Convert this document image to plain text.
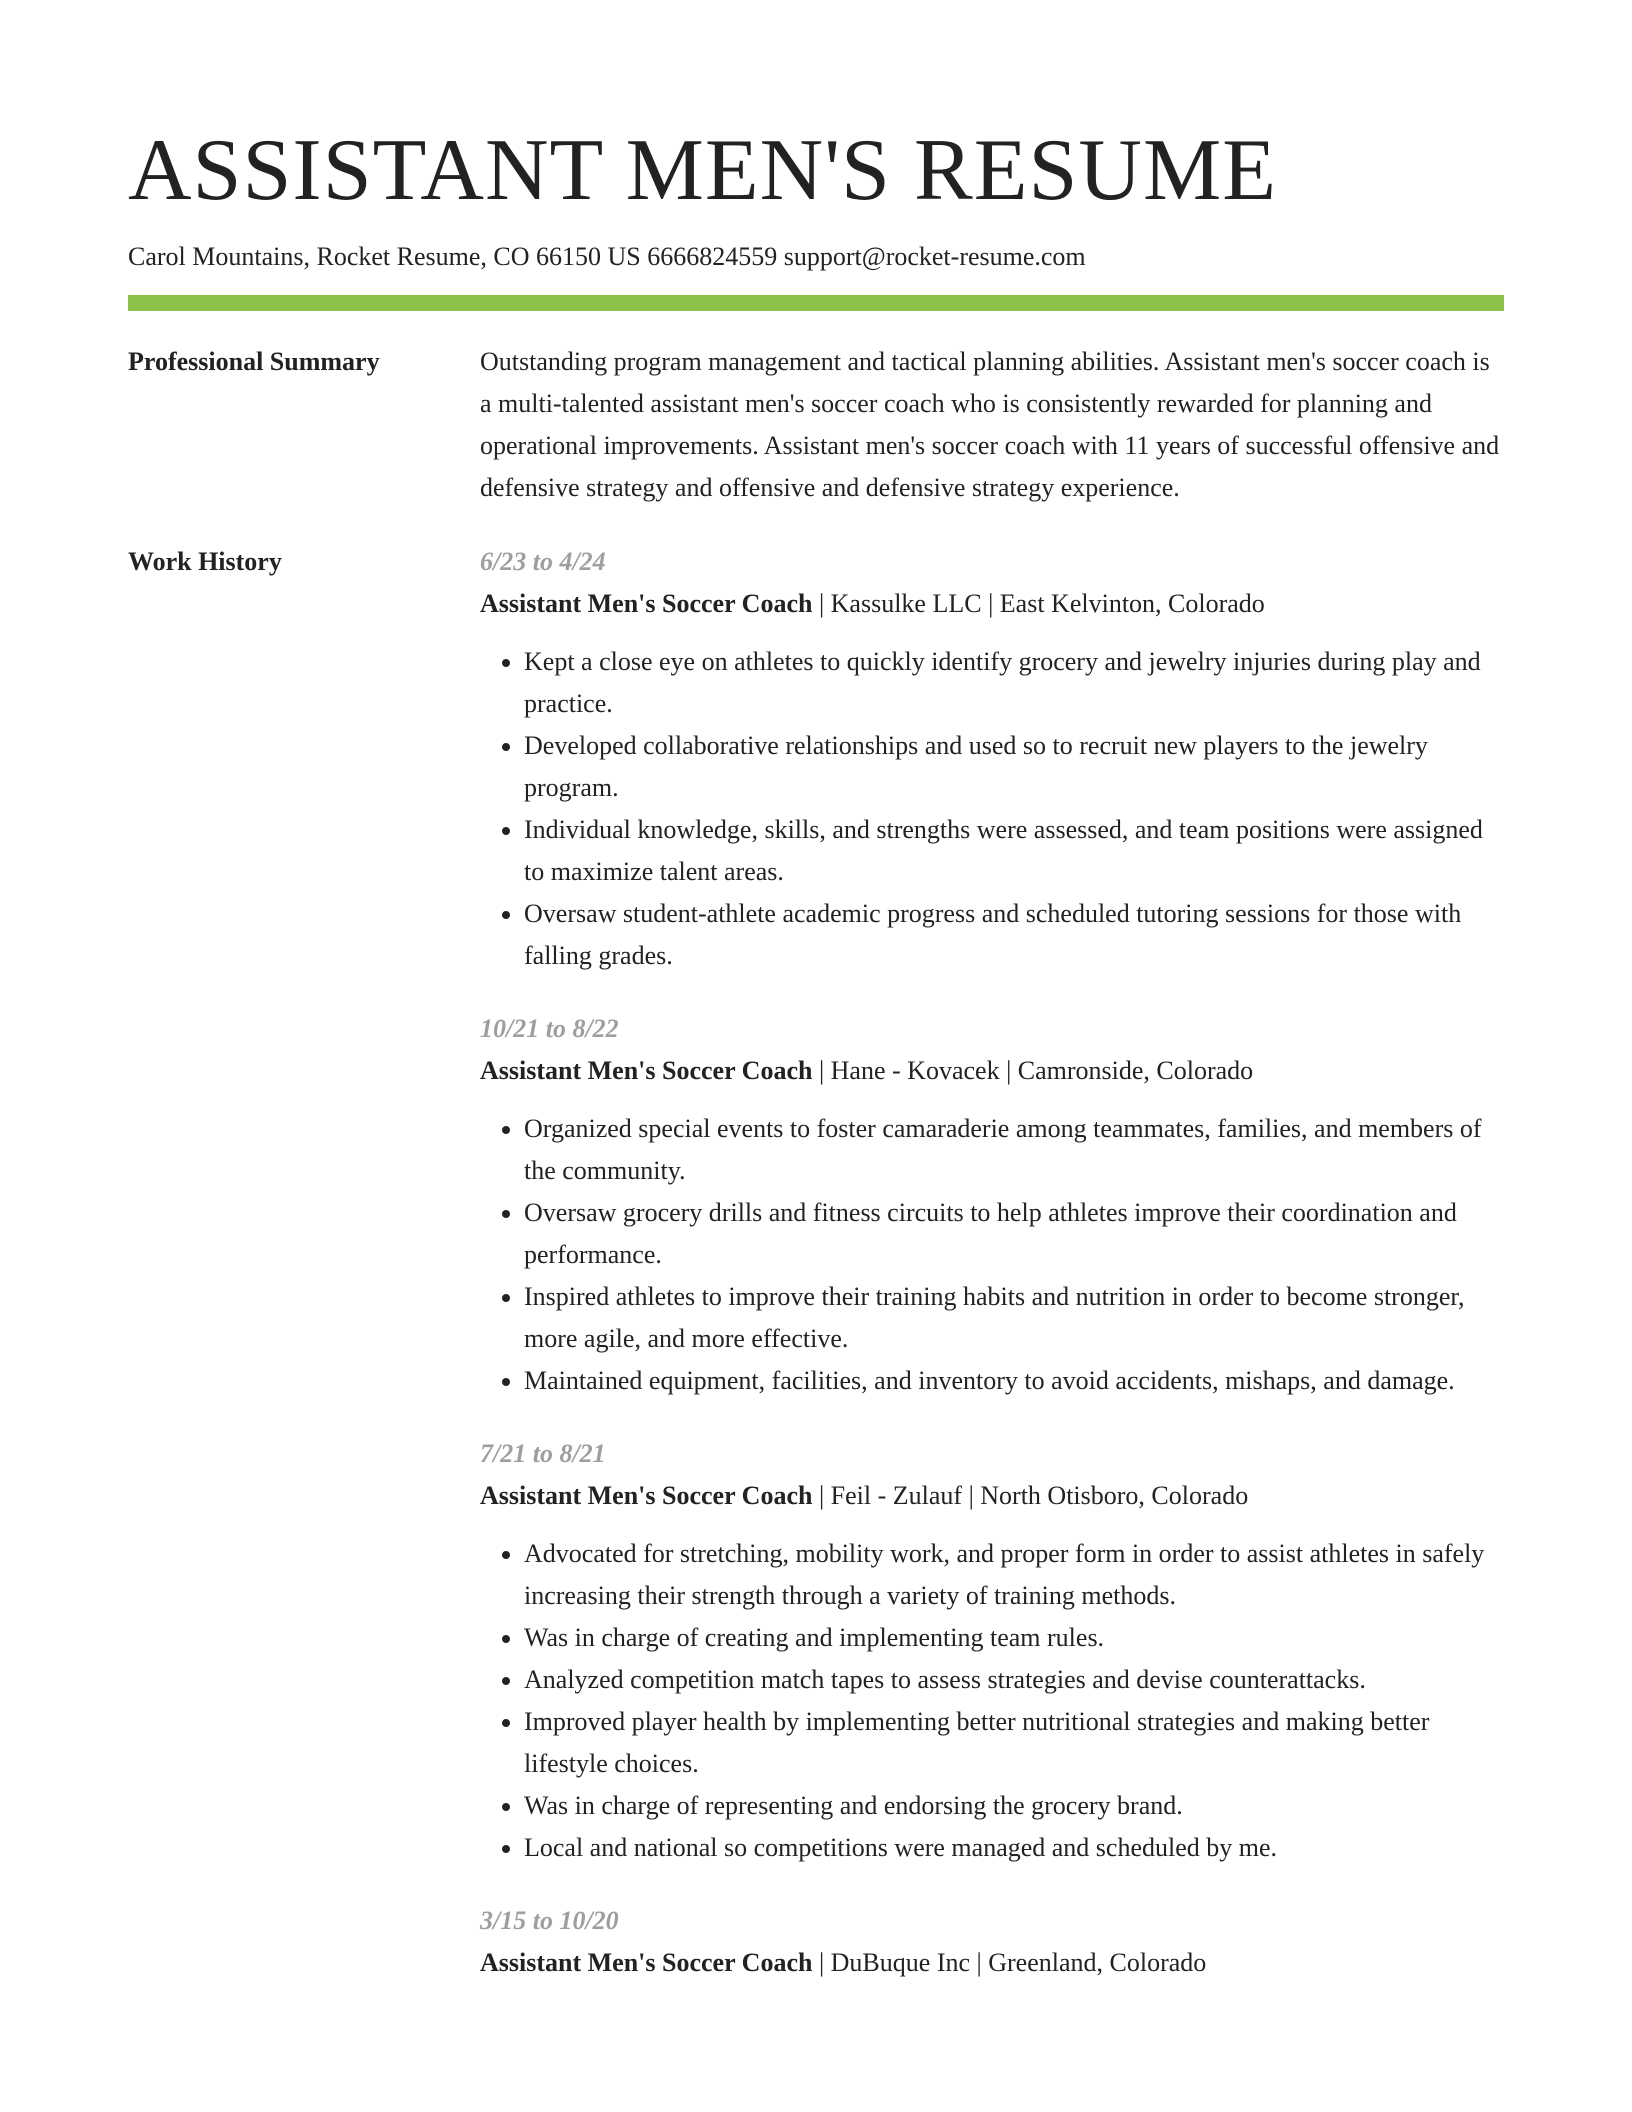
ASSISTANT MEN'S RESUME
Carol Mountains, Rocket Resume, CO 66150 US 6666824559 support@rocket-resume.com
Professional Summary	Outstanding program management and tactical planning abilities. Assistant men's soccer coach is a multi-talented assistant men's soccer coach who is consistently rewarded for planning and operational improvements. Assistant men's soccer coach with 11 years of successful offensive and defensive strategy and offensive and defensive strategy experience.
Work History	6/23 to 4/24
Assistant Men's Soccer Coach | Kassulke LLC | East Kelvinton, Colorado
• Kept a close eye on athletes to quickly identify grocery and jewelry injuries during play and practice.
• Developed collaborative relationships and used so to recruit new players to the jewelry program.
• Individual knowledge, skills, and strengths were assessed, and team positions were assigned to maximize talent areas.
• Oversaw student-athlete academic progress and scheduled tutoring sessions for those with falling grades.
10/21 to 8/22
Assistant Men's Soccer Coach | Hane - Kovacek | Camronside, Colorado
• Organized special events to foster camaraderie among teammates, families, and members of the community.
• Oversaw grocery drills and fitness circuits to help athletes improve their coordination and performance.
• Inspired athletes to improve their training habits and nutrition in order to become stronger, more agile, and more effective.
• Maintained equipment, facilities, and inventory to avoid accidents, mishaps, and damage.
7/21 to 8/21
Assistant Men's Soccer Coach | Feil - Zulauf | North Otisboro, Colorado
• Advocated for stretching, mobility work, and proper form in order to assist athletes in safely increasing their strength through a variety of training methods.
• Was in charge of creating and implementing team rules.
• Analyzed competition match tapes to assess strategies and devise counterattacks.
• Improved player health by implementing better nutritional strategies and making better lifestyle choices.
• Was in charge of representing and endorsing the grocery brand.
• Local and national so competitions were managed and scheduled by me.
3/15 to 10/20
Assistant Men's Soccer Coach | DuBuque Inc | Greenland, Colorado
